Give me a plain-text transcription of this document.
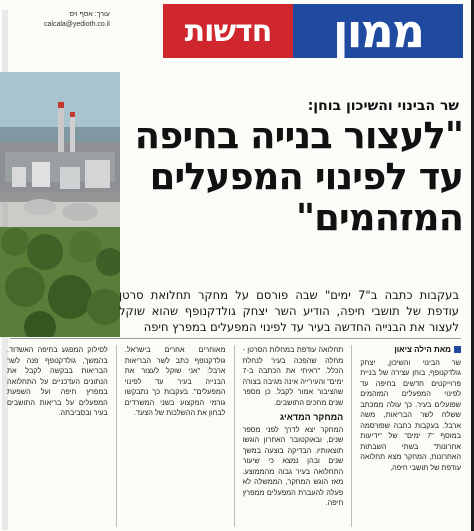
חדשות	ממון
עורך: אסף ויס
calcala@yedioth.co.il
שר הבינוי והשיכון בוחן:
"לעצור בנייה בחיפה עד לפינוי המפעלים המזהמים"
בעקבות כתבה ב"7 ימים" שבה פורסם על מחקר תחלואת סרטן עודפת של תושבי חיפה, הודיע השר יצחק גולדקנופף שהוא שוקל לעצור את הבנייה החדשה בעיר עד לפינוי המפעלים במפרץ חיפה
מאת הילה ציאון
שר הבינוי והשיכון, יצחק גולדקנופף, בוחן עצירה של בניית פרוייקטים חדשים בחיפה עד לפינוי המפעלים המזהמים שפועלים בעיר. כך עולה ממכתב ששלח לשר הבריאות, משה ארבל. בעקבות כתבה שפורסמה במוסף "7 ימים" של "ידיעות אחרונות" בשתי השבתות האחרונות, המחקר מצא תחלואה עודפת של תושבי חיפה,
תחלואה עודפת במחלות הסרטן - מחלה שהפכה בעיר לנחלת הכלל. "ראיתי את הכתבה ב-7 ימים" והעירייה אינה מגיבה בצורה שהציבור אמור לקבל. כן מספר שנים מחכים התושבים.
המחקר המדאיג
המחקר יצא לדרך לפני מספר שנים, ובאוקטובר האחרון הוגשו תוצאותיו. הבדיקה בוצעה במשך שנים ובהן נמצא כי שיעור התחלואה בעיר גבוה מהממוצע. מאז הוגש המחקר, הממשלה לא פעלה להעברת המפעלים ממפרץ חיפה.
מאוחרים אחרים בישראל. גולדקנופף כתב לשר הבריאות ארבל: "אני שוקל לעצור את הבנייה בעיר עד לפינוי המפעלים". בעקבות כך נתבקשו גורמי המקצוע בשני המשרדים לבחון את ההשלכות של הצעד.
לסילוק המפגע בחיפה האשדוד. בהמשך, גולדקנופף פנה לשר הבריאות בבקשה לקבל את הנתונים העדכניים על התחלואה במפרץ חיפה ועל השפעת המפעלים על בריאות התושבים בעיר ובסביבתה.
